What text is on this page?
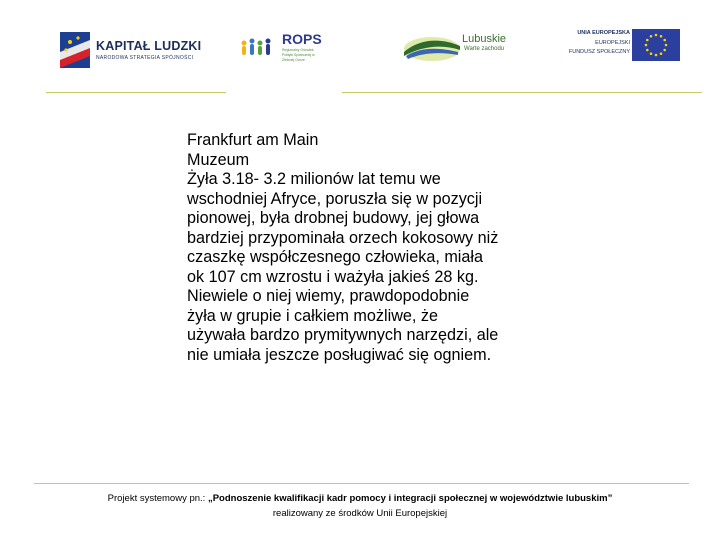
KAPITAŁ LUDZKI
NARODOWA STRATEGIA SPÓJNOŚCI
ROPS
Regionalny Ośrodek Polityki Społecznej w Zielonej Górze
Lubuskie
Warte zachodu
UNIA EUROPEJSKA
EUROPEJSKI
FUNDUSZ SPOŁECZNY
Frankfurt am Main
Muzeum
Żyła 3.18- 3.2 milionów lat temu we
wschodniej Afryce, poruszła się w pozycji
pionowej, była drobnej budowy, jej głowa
bardziej przypominała orzech kokosowy niż
czaszkę współczesnego człowieka, miała
ok 107 cm wzrostu i ważyła jakieś 28 kg.
Niewiele o niej wiemy, prawdopodobnie
żyła w grupie i całkiem możliwe, że
używała bardzo prymitywnych narzędzi, ale
nie umiała jeszcze posługiwać się ogniem.
Projekt systemowy pn.: „Podnoszenie kwalifikacji kadr pomocy i integracji społecznej w województwie lubuskim”
realizowany ze środków Unii Europejskiej
